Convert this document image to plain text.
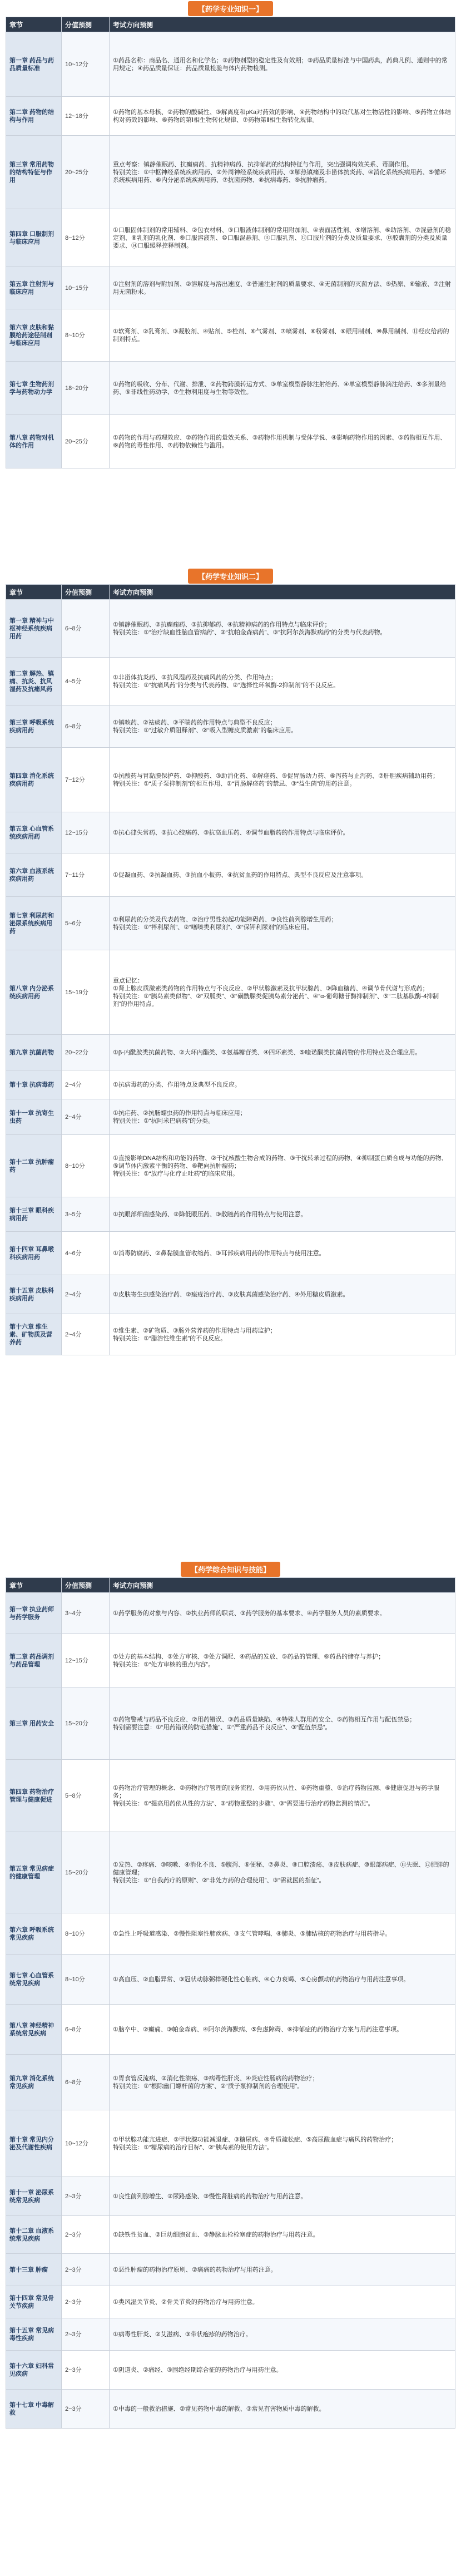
【药学专业知识一】
章节	分值预测	考试方向预测
第一章 药品与药品质量标准	10~12分	①药品名称：商品名、通用名和化学名；②药物剂型的稳定性及有效期；③药品质量标准与中国药典，药典凡例、通则中的常用规定；④药品质量保证：药品质量检验与体内药物检测。
第二章 药物的结构与作用	12~18分	①药物的基本母核、②药物的酸碱性、③解离度和pKa对药效的影响、④药物结构中的取代基对生物活性的影响、⑤药物立体结构对药效的影响、⑥药物的第Ⅰ相生物转化规律、⑦药物第Ⅱ相生物转化规律。
第三章 常用药物的结构特征与作用	20~25分	重点考察：镇静催眠药、抗癫痫药、抗精神病药、抗抑郁药的结构特征与作用，突出强调构效关系、毒副作用。
特别关注：①中枢神经系统疾病用药、②外周神经系统疾病用药、③解热镇痛及非甾体抗炎药、④消化系统疾病用药、⑤循环系统疾病用药、⑥内分泌系统疾病用药、⑦抗菌药物、⑧抗病毒药、⑨抗肿瘤药。
第四章 口服制剂与临床应用	8~12分	①口服固体制剂的常用辅料、②包衣材料、③口服液体制剂的常用附加剂、④表面活性剂、⑤增溶剂、⑥助溶剂、⑦混悬剂的稳定剂、⑧乳剂的乳化剂、⑨口服溶液剂、⑩口服混悬剂、⑪口服乳剂、⑫口服片剂的分类及质量要求、⑬胶囊剂的分类及质量要求、⑭口服缓释控释制剂。
第五章 注射剂与临床应用	10~15分	①注射剂的溶剂与附加剂、②溶解度与溶出速度、③普通注射剂的质量要求、④无菌制剂的灭菌方法、⑤热原、⑥输液、⑦注射用无菌粉末。
第六章 皮肤和黏膜给药途径制剂与临床应用	8~10分	①软膏剂、②乳膏剂、③凝胶剂、④贴剂、⑤栓剂、⑥气雾剂、⑦喷雾剂、⑧粉雾剂、⑨眼用制剂、⑩鼻用制剂、⑪经皮给药的制剂特点。
第七章 生物药剂学与药物动力学	18~20分	①药物的吸收、分布、代谢、排泄、②药物跨膜转运方式、③单室模型静脉注射给药、④单室模型静脉滴注给药、⑤多剂量给药、⑥非线性药动学、⑦生物利用度与生物等效性。
第八章 药物对机体的作用	20~25分	①药物的作用与药理效应、②药物作用的量效关系、③药物作用机制与受体学说、④影响药物作用的因素、⑤药物相互作用、⑥药物的毒性作用、⑦药物依赖性与滥用。
【药学专业知识二】
章节	分值预测	考试方向预测
第一章 精神与中枢神经系统疾病用药	6~8分	①镇静催眠药、②抗癫痫药、③抗抑郁药、④抗精神病药的作用特点与临床评价；
特别关注：①“治疗缺血性脑血管病药”、②“抗帕金森病药”、③“抗阿尔茨海默病药”的分类与代表药物。
第二章 解热、镇痛、抗炎、抗风湿药及抗痛风药	4~5分	①非甾体抗炎药、②抗风湿药及抗痛风药的分类、作用特点；
特别关注：①“抗痛风药”的分类与代表药物、②“选择性环氧酶-2抑制剂”的不良反应。
第三章 呼吸系统疾病用药	6~8分	①镇咳药、②祛痰药、③平喘药的作用特点与典型不良反应；
特别关注：①“过敏介质阻释剂”、②“吸入型糖皮质激素”的临床应用。
第四章 消化系统疾病用药	7~12分	①抗酸药与胃黏膜保护药、②抑酸药、③助消化药、④解痉药、⑤促胃肠动力药、⑥泻药与止泻药、⑦肝胆疾病辅助用药；
特别关注：①“质子泵抑制剂”的相互作用、②“胃肠解痉药”的禁忌、③“益生菌”的用药注意。
第五章 心血管系统疾病用药	12~15分	①抗心律失常药、②抗心绞痛药、③抗高血压药、④调节血脂药的作用特点与临床评价。
第六章 血液系统疾病用药	7~11分	①促凝血药、②抗凝血药、③抗血小板药、④抗贫血药的作用特点、典型不良反应及注意事项。
第七章 利尿药和泌尿系统疾病用药	5~6分	①利尿药的分类及代表药物、②治疗男性勃起功能障碍药、③良性前列腺增生用药；
特别关注：①“袢利尿剂”、②“噻嗪类利尿剂”、③“保钾利尿剂”的临床应用。
第八章 内分泌系统疾病用药	15~19分	重点记忆：
①肾上腺皮质激素类药物的作用特点与不良反应、②甲状腺激素及抗甲状腺药、③降血糖药、④调节骨代谢与形成药；
特别关注：①“胰岛素类似物”、②“双胍类”、③“磺酰脲类促胰岛素分泌药”、④“α-葡萄糖苷酶抑制剂”、⑤“二肽基肽酶-4抑制剂”的作用特点。
第九章 抗菌药物	20~22分	①β-内酰胺类抗菌药物、②大环内酯类、③氨基糖苷类、④四环素类、⑤喹诺酮类抗菌药物的作用特点及合理应用。
第十章 抗病毒药	2~4分	①抗病毒药的分类、作用特点及典型不良反应。
第十一章 抗寄生虫药	2~4分	①抗疟药、②抗肠蠕虫药的作用特点与临床应用；
特别关注：①“抗阿米巴病药”的分类。
第十二章 抗肿瘤药	8~10分	①直接影响DNA结构和功能的药物、②干扰核酸生物合成的药物、③干扰转录过程的药物、④抑制蛋白质合成与功能的药物、⑤调节体内激素平衡的药物、⑥靶向抗肿瘤药；
特别关注：①“放疗与化疗止吐药”的临床应用。
第十三章 眼科疾病用药	3~5分	①抗眼部细菌感染药、②降低眼压药、③散瞳药的作用特点与使用注意。
第十四章 耳鼻喉科疾病用药	4~6分	①消毒防腐药、②鼻黏膜血管收缩药、③耳部疾病用药的作用特点与使用注意。
第十五章 皮肤科疾病用药	2~4分	①皮肤寄生虫感染治疗药、②痤疮治疗药、③皮肤真菌感染治疗药、④外用糖皮质激素。
第十六章 维生素、矿物质及营养药	2~4分	①维生素、②矿物质、③肠外营养药的作用特点与用药监护；
特别关注：①“脂溶性维生素”的不良反应。
【药学综合知识与技能】
章节	分值预测	考试方向预测
第一章 执业药师与药学服务	3~4分	①药学服务的对象与内容、②执业药师的职责、③药学服务的基本要求、④药学服务人员的素质要求。
第二章 药品调剂与药品管理	12~15分	①处方的基本结构、②处方审核、③处方调配、④药品的发放、⑤药品的管理、⑥药品的储存与养护；
特别关注：①“处方审核的重点内容”。
第三章 用药安全	15~20分	①药物警戒与药品不良反应、②用药错误、③药品质量缺陷、④特殊人群用药安全、⑤药物相互作用与配伍禁忌；
特别需要注意：①“用药错误的防范措施”、②“严重药品不良反应”、③“配伍禁忌”。
第四章 药物治疗管理与健康促进	5~8分	①药物治疗管理的概念、②药物治疗管理的服务流程、③用药依从性、④药物重整、⑤治疗药物监测、⑥健康促进与药学服务；
特别关注：①“提高用药依从性的方法”、②“药物重整的步骤”、③“需要进行治疗药物监测的情况”。
第五章 常见病症的健康管理	15~20分	①发热、②疼痛、③咳嗽、④消化不良、⑤腹泻、⑥便秘、⑦鼻炎、⑧口腔溃疡、⑨皮肤病症、⑩眼部病症、⑪失眠、⑫肥胖的健康管理；
特别关注：①“自我药疗的原则”、②“非处方药的合理使用”、③“需就医的指征”。
第六章 呼吸系统常见疾病	8~10分	①急性上呼吸道感染、②慢性阻塞性肺疾病、③支气管哮喘、④肺炎、⑤肺结核的药物治疗与用药指导。
第七章 心血管系统常见疾病	8~10分	①高血压、②血脂异常、③冠状动脉粥样硬化性心脏病、④心力衰竭、⑤心房颤动的药物治疗与用药注意事项。
第八章 神经精神系统常见疾病	6~8分	①脑卒中、②癫痫、③帕金森病、④阿尔茨海默病、⑤焦虑障碍、⑥抑郁症的药物治疗方案与用药注意事项。
第九章 消化系统常见疾病	6~8分	①胃食管反流病、②消化性溃疡、③病毒性肝炎、④炎症性肠病的药物治疗；
特别关注：①“根除幽门螺杆菌的方案”、②“质子泵抑制剂的合理使用”。
第十章 常见内分泌及代谢性疾病	10~12分	①甲状腺功能亢进症、②甲状腺功能减退症、③糖尿病、④骨质疏松症、⑤高尿酸血症与痛风的药物治疗；
特别关注：①“糖尿病的治疗目标”、②“胰岛素的使用方法”。
第十一章 泌尿系统常见疾病	2~3分	①良性前列腺增生、②尿路感染、③慢性肾脏病的药物治疗与用药注意。
第十二章 血液系统常见疾病	2~3分	①缺铁性贫血、②巨幼细胞贫血、③静脉血栓栓塞症的药物治疗与用药注意。
第十三章 肿瘤	2~3分	①恶性肿瘤的药物治疗原则、②癌痛的药物治疗与用药注意。
第十四章 常见骨关节疾病	2~3分	①类风湿关节炎、②骨关节炎的药物治疗与用药注意。
第十五章 常见病毒性疾病	2~3分	①病毒性肝炎、②艾滋病、③带状疱疹的药物治疗。
第十六章 妇科常见疾病	2~3分	①阴道炎、②痛经、③围绝经期综合征的药物治疗与用药注意。
第十七章 中毒解救	2~3分	①中毒的一般救治措施、②常见药物中毒的解救、③常见有害物质中毒的解救。
